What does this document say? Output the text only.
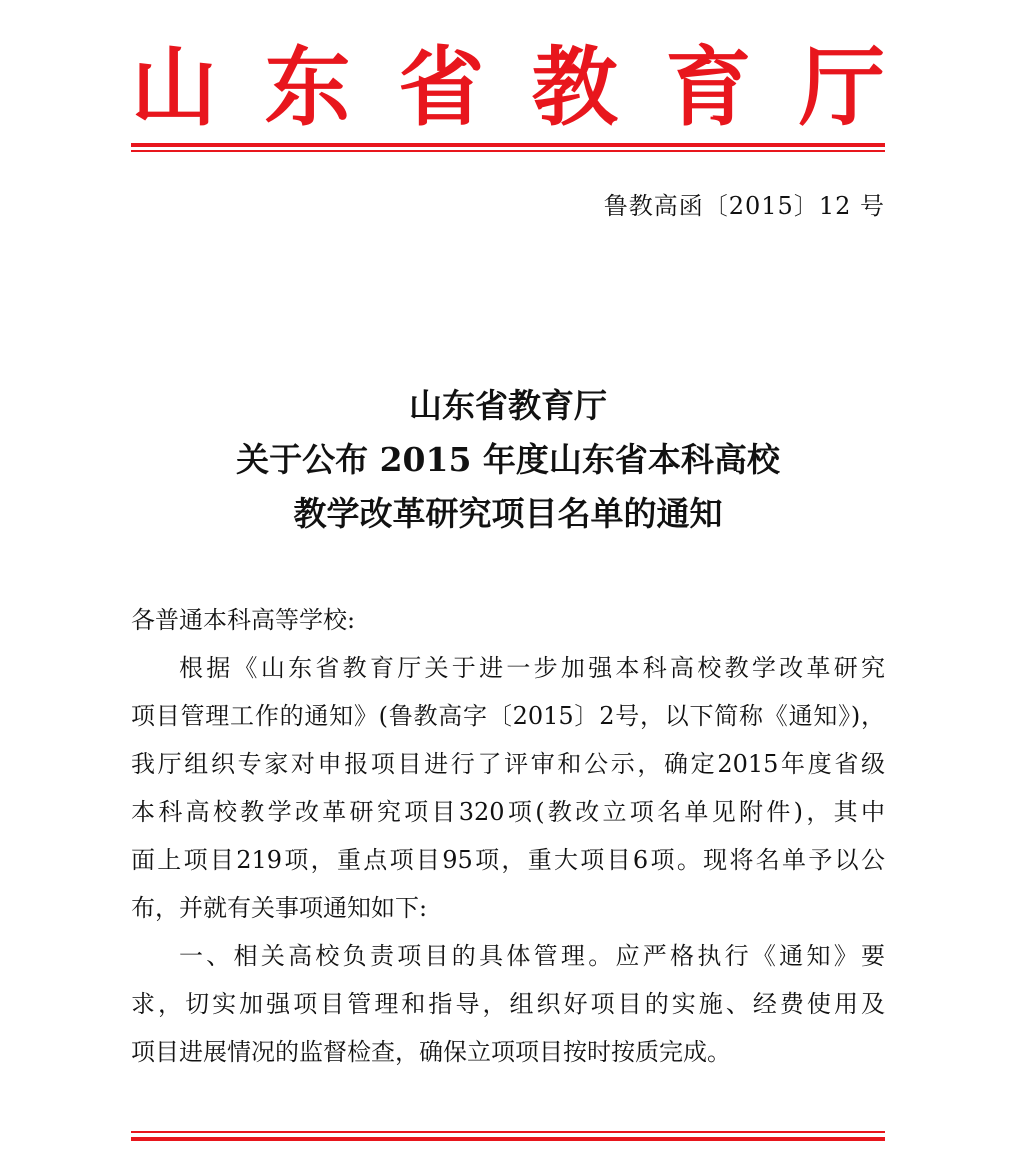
山 东 省 教 育 厅
鲁教高函〔2015〕12 号
山东省教育厅
关于公布 2015 年度山东省本科高校
教学改革研究项目名单的通知
各普通本科高等学校:
根据《山东省教育厅关于进一步加强本科高校教学改革研究
项目管理工作的通知》(鲁教高字〔2015〕2号，以下简称《通知》)，
我厅组织专家对申报项目进行了评审和公示，确定2015年度省级
本科高校教学改革研究项目320项(教改立项名单见附件)，其中
面上项目219项，重点项目95项，重大项目6项。现将名单予以公
布，并就有关事项通知如下:
一、相关高校负责项目的具体管理。应严格执行《通知》要
求，切实加强项目管理和指导，组织好项目的实施、经费使用及
项目进展情况的监督检查，确保立项项目按时按质完成。
